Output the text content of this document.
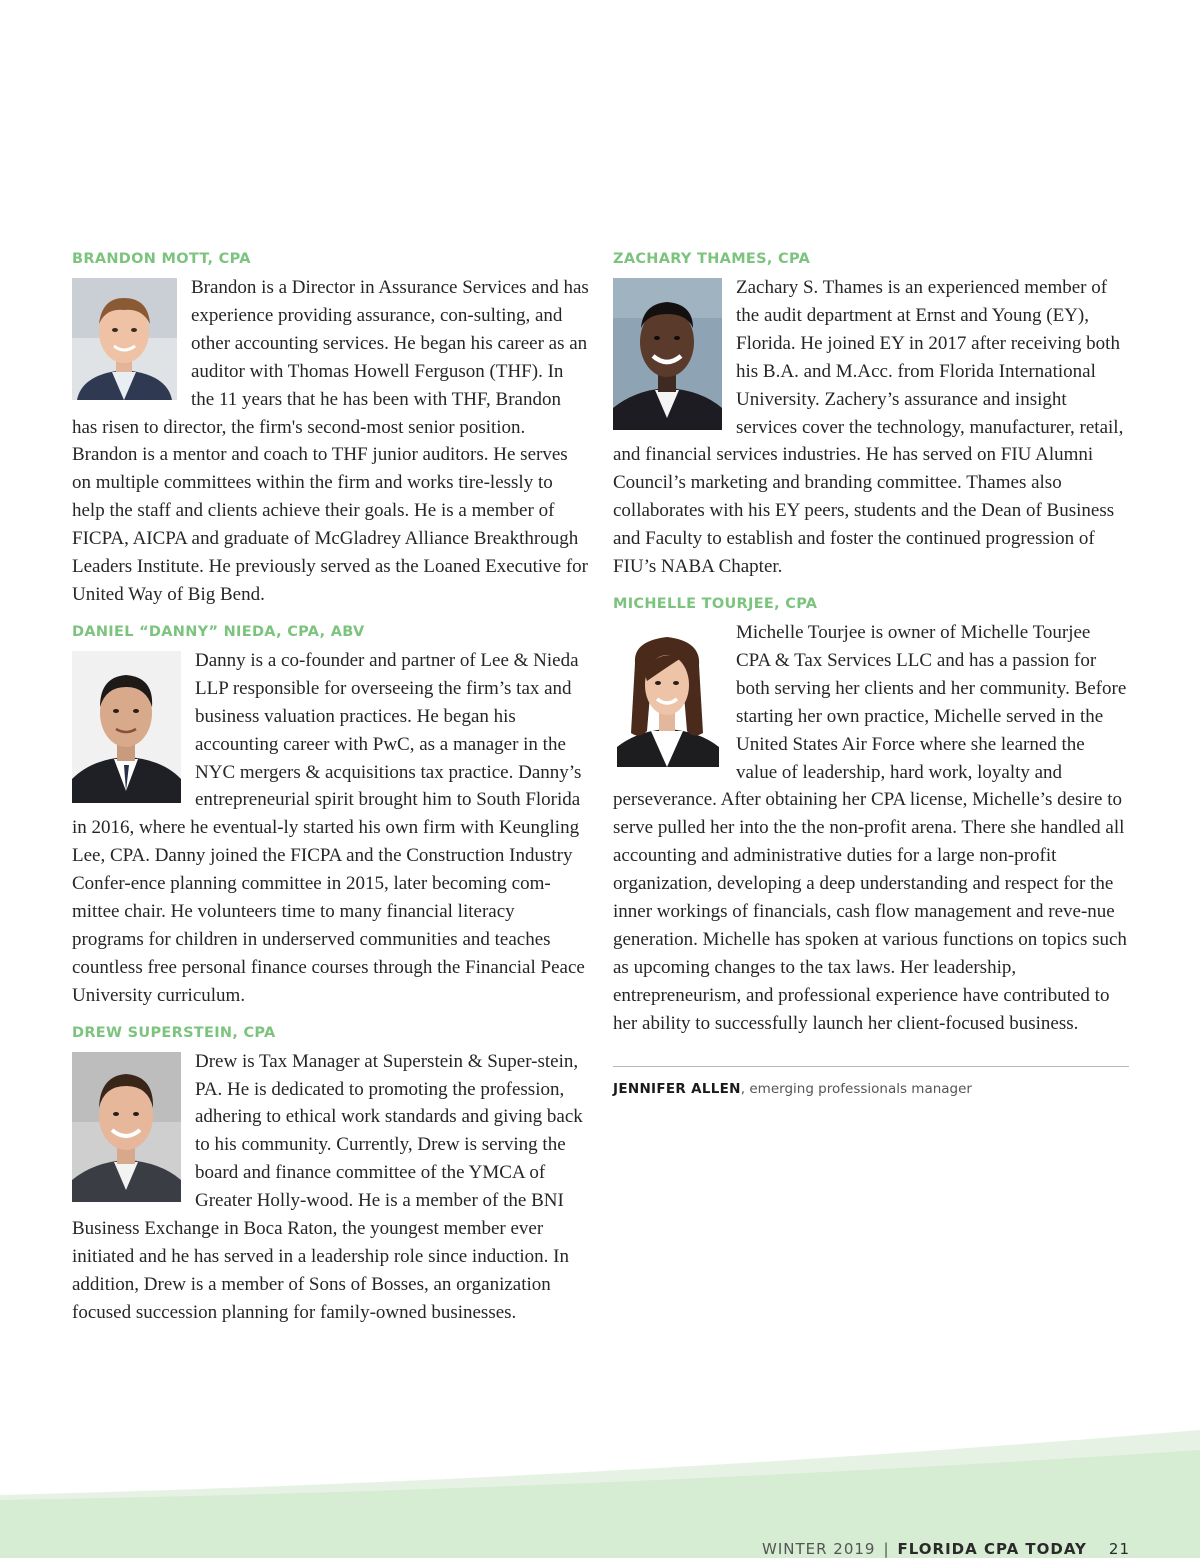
BRANDON MOTT, CPA
Brandon is a Director in Assurance Services and has experience providing assurance, con-sulting, and other accounting services. He began his career as an auditor with Thomas Howell Ferguson (THF). In the 11 years that he has been with THF, Brandon has risen to director, the firm's second-most senior position. Brandon is a mentor and coach to THF junior auditors. He serves on multiple committees within the firm and works tire-lessly to help the staff and clients achieve their goals. He is a member of FICPA, AICPA and graduate of McGladrey Alliance Breakthrough Leaders Institute. He previously served as the Loaned Executive for United Way of Big Bend.
DANIEL “DANNY” NIEDA, CPA, ABV
Danny is a co-founder and partner of Lee & Nieda LLP responsible for overseeing the firm’s tax and business valuation practices. He began his accounting career with PwC, as a manager in the NYC mergers & acquisitions tax practice. Danny’s entrepreneurial spirit brought him to South Florida in 2016, where he eventual-ly started his own firm with Keungling Lee, CPA. Danny joined the FICPA and the Construction Industry Confer-ence planning committee in 2015, later becoming com-mittee chair. He volunteers time to many financial literacy programs for children in underserved communities and teaches countless free personal finance courses through the Financial Peace University curriculum.
DREW SUPERSTEIN, CPA
Drew is Tax Manager at Superstein & Super-stein, PA. He is dedicated to promoting the profession, adhering to ethical work standards and giving back to his community. Currently, Drew is serving the board and finance committee of the YMCA of Greater Holly-wood. He is a member of the BNI Business Exchange in Boca Raton, the youngest member ever initiated and he has served in a leadership role since induction. In addition, Drew is a member of Sons of Bosses, an organization focused succession planning for family-owned businesses.
ZACHARY THAMES, CPA
Zachary S. Thames is an experienced member of the audit department at Ernst and Young (EY), Florida. He joined EY in 2017 after receiving both his B.A. and M.Acc. from Florida International University. Zachery’s assurance and insight services cover the technology, manufacturer, retail, and financial services industries. He has served on FIU Alumni Council’s marketing and branding committee. Thames also collaborates with his EY peers, students and the Dean of Business and Faculty to establish and foster the continued progression of FIU’s NABA Chapter.
MICHELLE TOURJEE, CPA
Michelle Tourjee is owner of Michelle Tourjee CPA & Tax Services LLC and has a passion for both serving her clients and her community. Before starting her own practice, Michelle served in the United States Air Force where she learned the value of leadership, hard work, loyalty and perseverance. After obtaining her CPA license, Michelle’s desire to serve pulled her into the the non-profit arena. There she handled all accounting and administrative duties for a large non-profit organization, developing a deep understanding and respect for the inner workings of financials, cash flow management and reve-nue generation. Michelle has spoken at various functions on topics such as upcoming changes to the tax laws. Her leadership, entrepreneurism, and professional experience have contributed to her ability to successfully launch her client-focused business.
JENNIFER ALLEN, emerging professionals manager
WINTER 2019 | FLORIDA CPA TODAY 21
